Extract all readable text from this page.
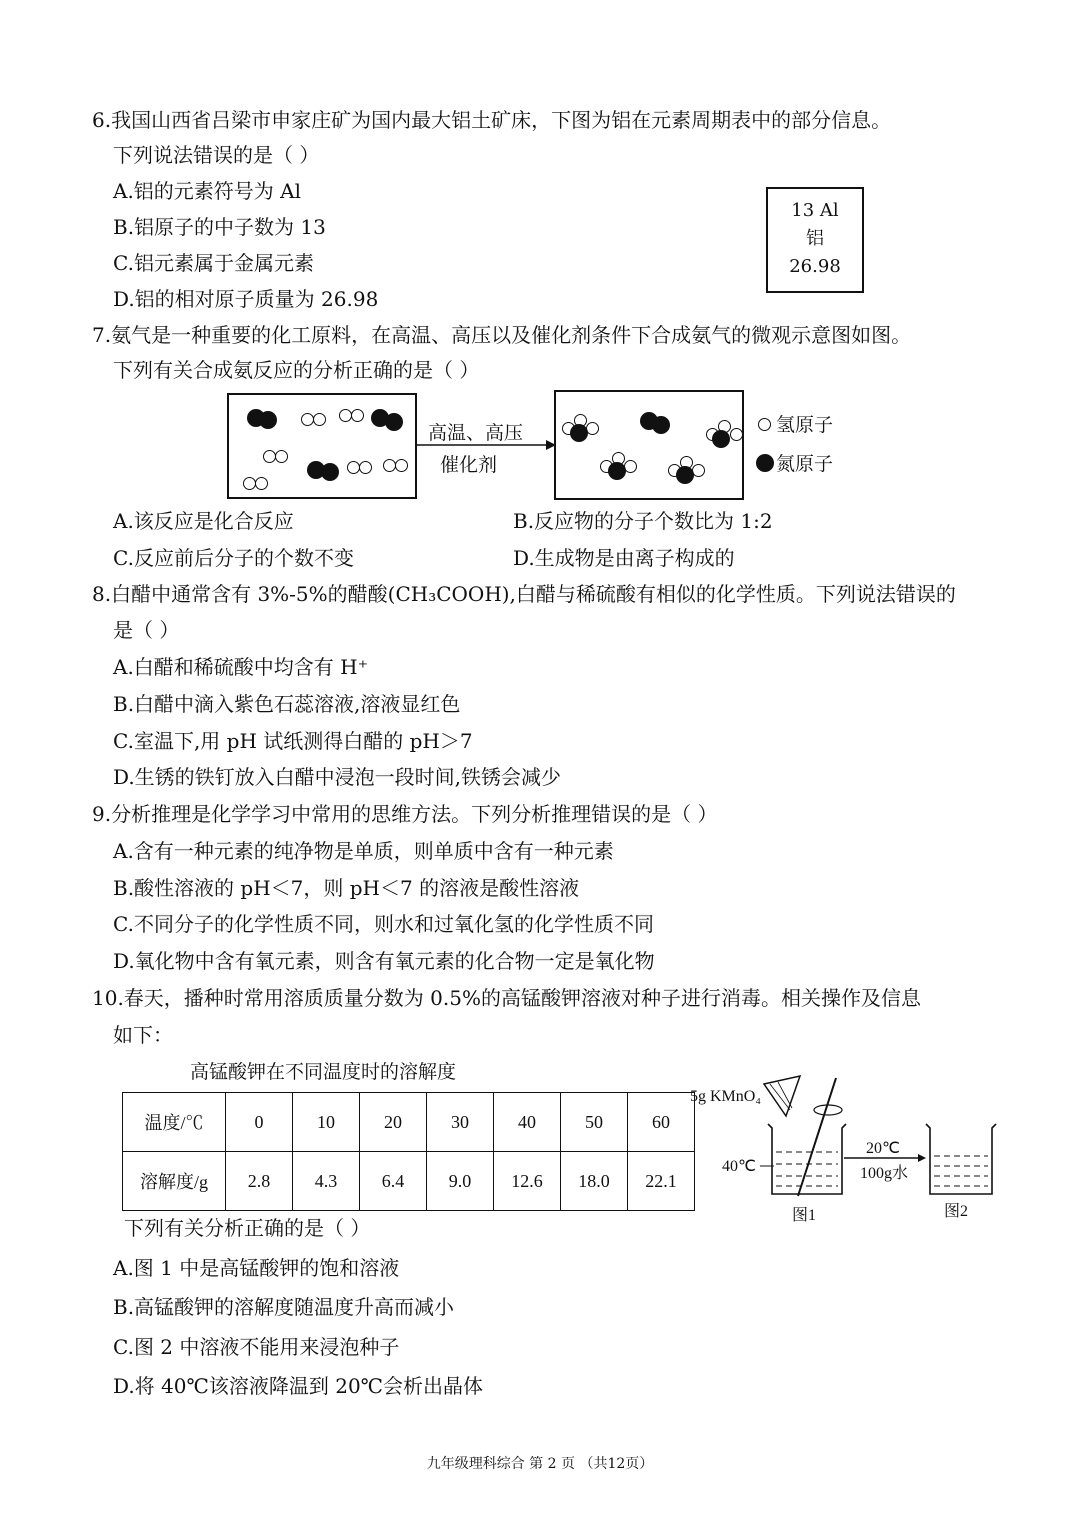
6.我国山西省吕梁市申家庄矿为国内最大铝土矿床，下图为铝在元素周期表中的部分信息。
下列说法错误的是（ ）
A.铝的元素符号为 Al
B.铝原子的中子数为 13
C.铝元素属于金属元素
D.铝的相对原子质量为 26.98
13 Al
铝
26.98
7.氨气是一种重要的化工原料，在高温、高压以及催化剂条件下合成氨气的微观示意图如图。
下列有关合成氨反应的分析正确的是（ ）
高温、高压
催化剂
氢原子
氮原子
A.该反应是化合反应	B.反应物的分子个数比为 1:2
C.反应前后分子的个数不变	D.生成物是由离子构成的
8.白醋中通常含有 3%-5%的醋酸(CH₃COOH),白醋与稀硫酸有相似的化学性质。下列说法错误的
是（ ）
A.白醋和稀硫酸中均含有 H⁺
B.白醋中滴入紫色石蕊溶液,溶液显红色
C.室温下,用 pH 试纸测得白醋的 pH＞7
D.生锈的铁钉放入白醋中浸泡一段时间,铁锈会减少
9.分析推理是化学学习中常用的思维方法。下列分析推理错误的是（ ）
A.含有一种元素的纯净物是单质，则单质中含有一种元素
B.酸性溶液的 pH＜7，则 pH＜7 的溶液是酸性溶液
C.不同分子的化学性质不同，则水和过氧化氢的化学性质不同
D.氧化物中含有氧元素，则含有氧元素的化合物一定是氧化物
10.春天，播种时常用溶质质量分数为 0.5%的高锰酸钾溶液对种子进行消毒。相关操作及信息
如下：
高锰酸钾在不同温度时的溶解度
温度/℃	0	10	20	30	40	50	60
溶解度/g	2.8	4.3	6.4	9.0	12.6	18.0	22.1
5g KMnO₄
40℃
20℃
100g水
图1	图2
下列有关分析正确的是（ ）
A.图 1 中是高锰酸钾的饱和溶液
B.高锰酸钾的溶解度随温度升高而减小
C.图 2 中溶液不能用来浸泡种子
D.将 40℃该溶液降温到 20℃会析出晶体
九年级理科综合 第 2 页 （共12页）
